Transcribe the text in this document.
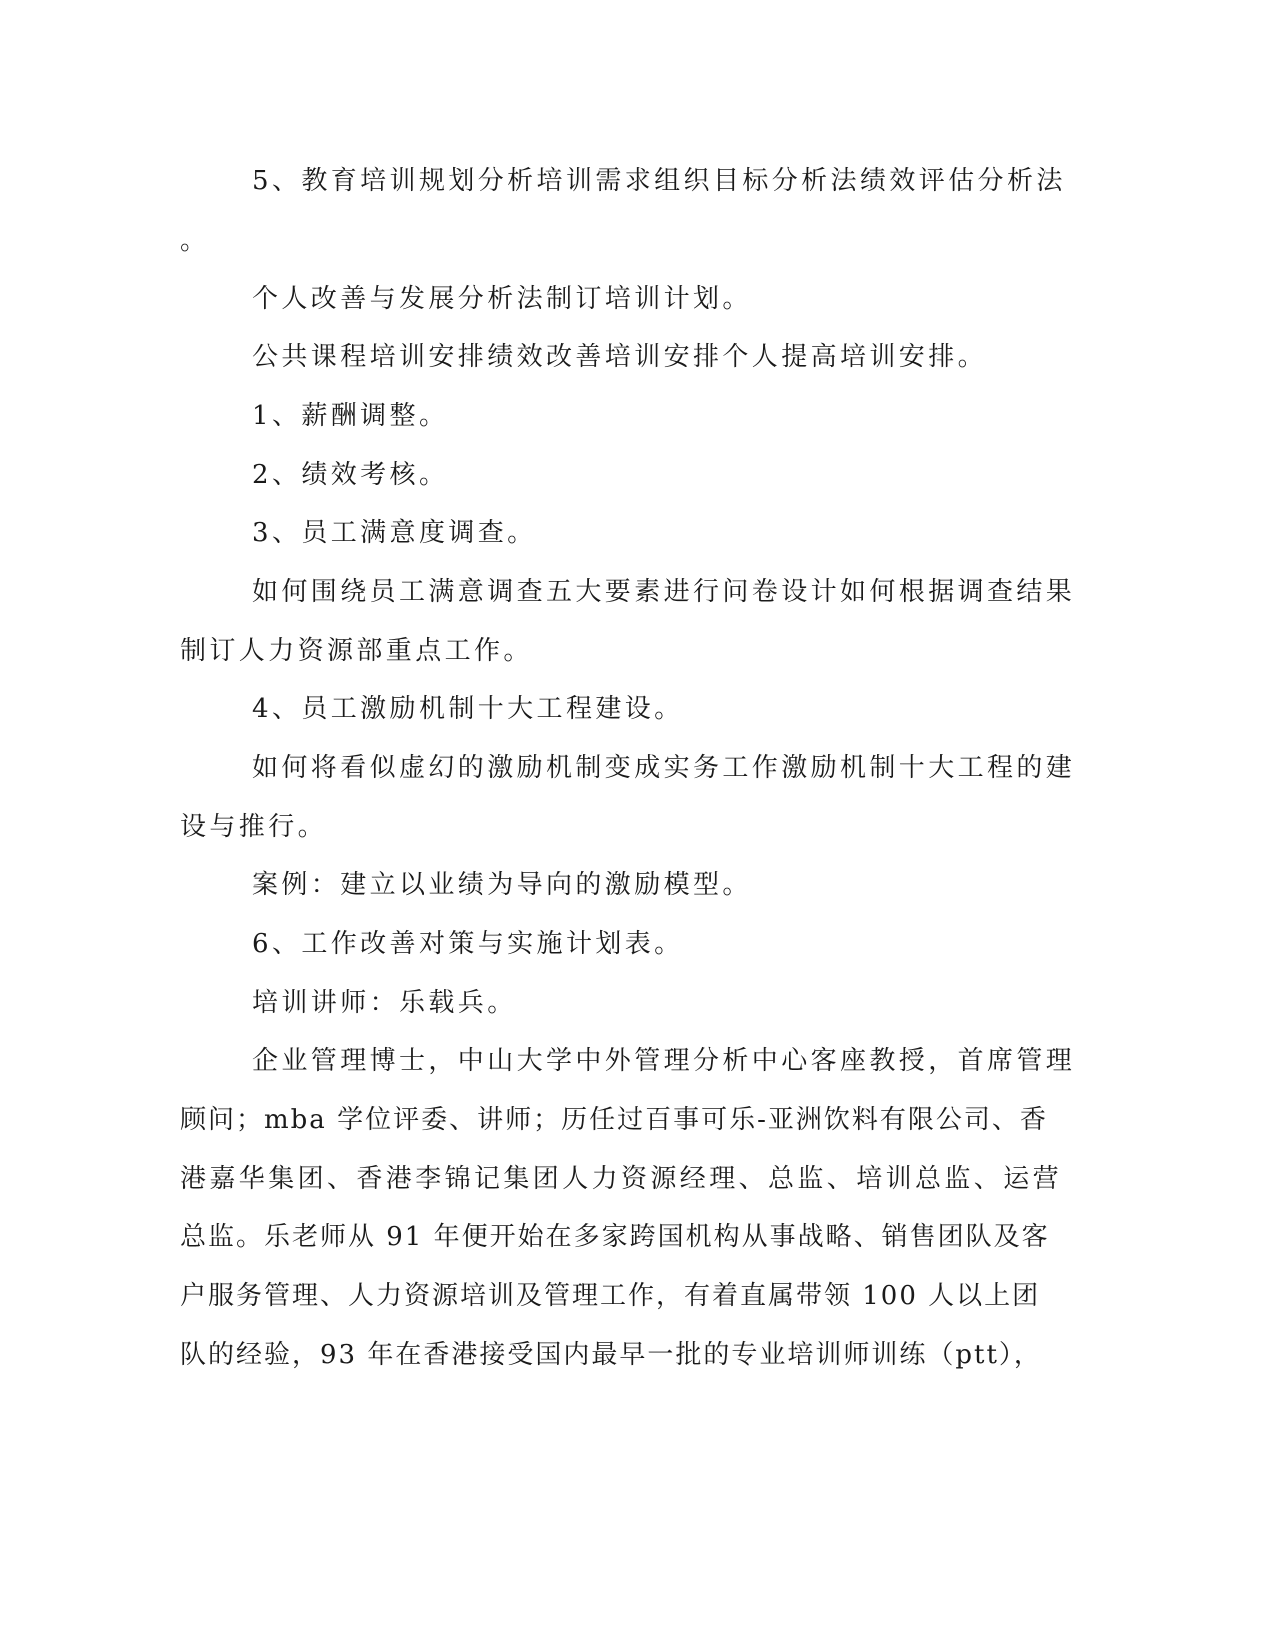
5、教育培训规划分析培训需求组织目标分析法绩效评估分析法

。

个人改善与发展分析法制订培训计划。

公共课程培训安排绩效改善培训安排个人提高培训安排。

1、薪酬调整。

2、绩效考核。

3、员工满意度调查。

如何围绕员工满意调查五大要素进行问卷设计如何根据调查结果

制订人力资源部重点工作。

4、员工激励机制十大工程建设。

如何将看似虚幻的激励机制变成实务工作激励机制十大工程的建

设与推行。

案例：建立以业绩为导向的激励模型。

6、工作改善对策与实施计划表。

培训讲师：乐载兵。

企业管理博士，中山大学中外管理分析中心客座教授，首席管理

顾问；mba 学位评委、讲师；历任过百事可乐-亚洲饮料有限公司、香

港嘉华集团、香港李锦记集团人力资源经理、总监、培训总监、运营

总监。乐老师从 91 年便开始在多家跨国机构从事战略、销售团队及客

户服务管理、人力资源培训及管理工作，有着直属带领 100 人以上团

队的经验，93 年在香港接受国内最早一批的专业培训师训练（ptt），
